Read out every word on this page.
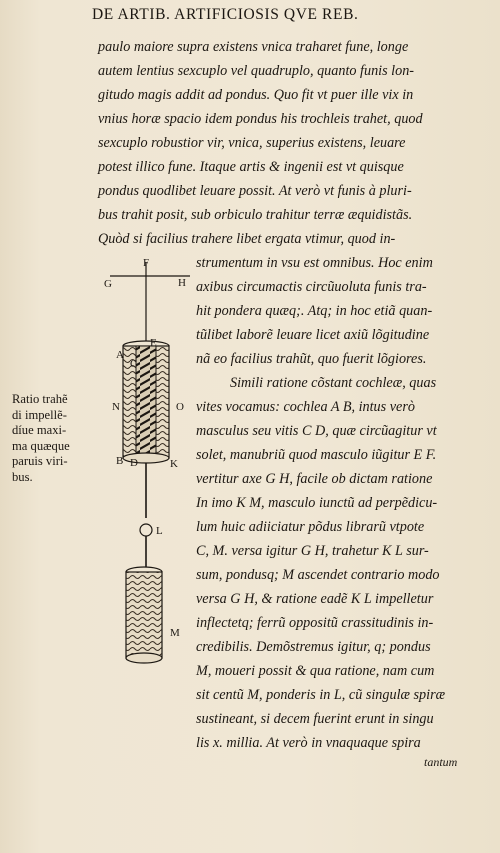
DE ARTIB. ARTIFICIOSIS QVE REB.
paulo maiore supra existens vnica traharet fune, longe
autem lentius sexcuplo vel quadruplo, quanto funis lon-
gitudo magis addit ad pondus. Quo fit vt puer ille vix in
vnius horæ spacio idem pondus his trochleis trahet, quod
sexcuplo robustior vir, vnica, superius existens, leuare
potest illico fune. Itaque artis & ingenii est vt quisque
pondus quodlibet leuare possit. At verò vt funis à pluri-
bus trahit posit, sub orbiculo trahitur terræ æquidistãs.
Quòd si facilius trahere libet ergata vtimur, quod in-
strumentum in vsu est omnibus. Hoc enim
axibus circumactis circũuoluta funis tra-
hit pondera quæq;. Atq; in hoc etiã quan-
tũlibet laborẽ leuare licet axiũ lõgitudine
nã eo facilius trahũt, quo fuerit lõgiores.
Simili ratione cõstant cochleæ, quas
vites vocamus: cochlea A B, intus verò
masculus seu vitis C D, quæ circũagitur vt
solet, manubriũ quod masculo iũgitur E F.
vertitur axe G H, facile ob dictam ratione
In imo K M, masculo iunctũ ad perpẽdicu-
lum huic adiiciatur põdus librarũ vtpote
C, M. versa igitur G H, trahetur K L sur-
sum, pondusq; M ascendet contrario modo
versa G H, & ratione eadẽ K L impelletur
inflectetq; ferrũ oppositũ crassitudinis in-
credibilis. Demõstremus igitur, q; pondus
M, moueri possit & qua ratione, nam cum
sit centũ M, ponderis in L, cũ singulæ spiræ
sustineant, si decem fuerint erunt in singu
lis x. millia. At verò in vnaquaque spira
tantum
Ratio trahẽ
di impellẽ-
díue maxi-
ma quæque
paruis viri-
bus.
F
G	H
A
E
C
N	O
B D	K
L
M
